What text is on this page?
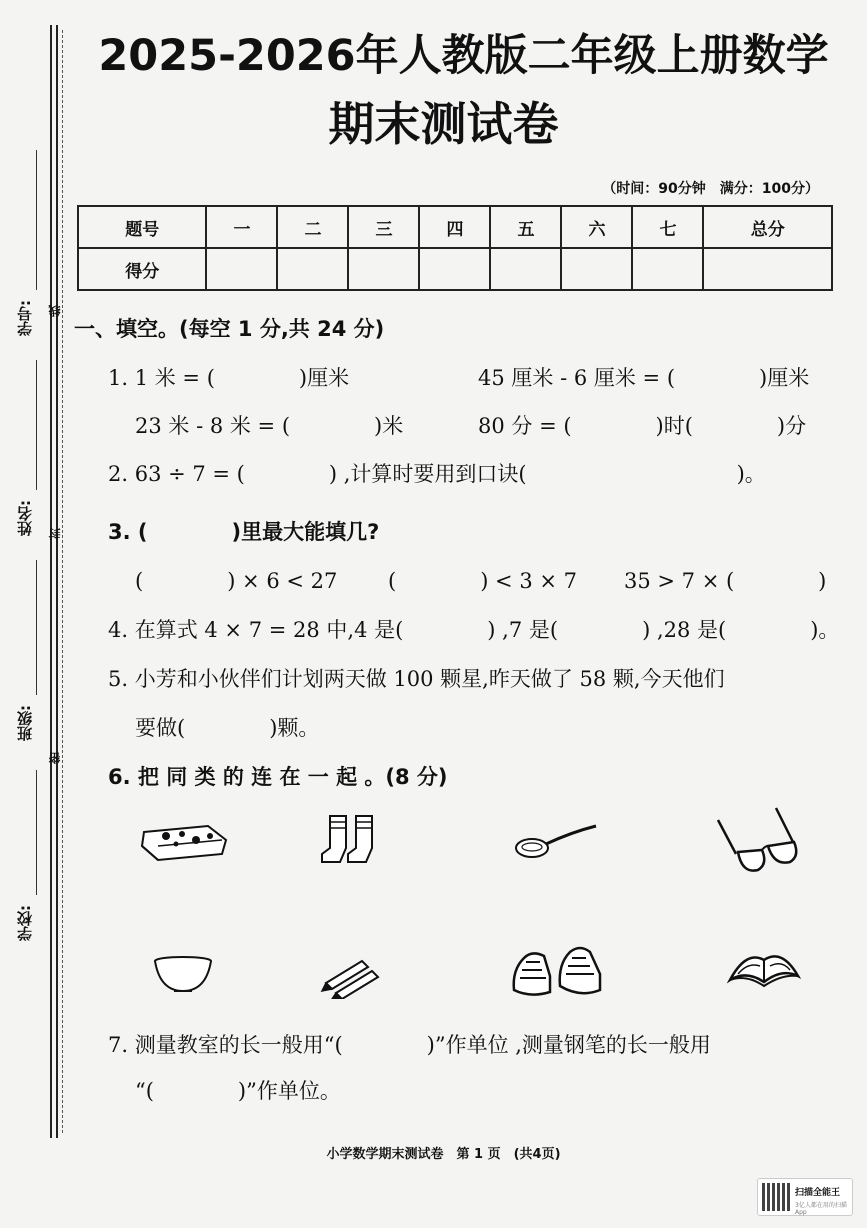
学号:
姓名:
班级:
学校:
线
封
密
2025-2026年人教版二年级上册数学
期末测试卷
（时间：90分钟　满分：100分）
题号	一	二	三	四	五	六	七	总分
得分								
一、填空。(每空 1 分,共 24 分)
1. 1 米 = (　　　　)厘米	45 厘米 - 6 厘米 = (　　　　)厘米
23 米 - 8 米 = (　　　　)米	80 分 = (　　　　)时(　　　　)分
2. 63 ÷ 7 = (　　　　) ,计算时要用到口诀(　　　　　　　　　　)。
3. (　　　　)里最大能填几?
(　　　　) × 6 < 27 (　　　　) < 3 × 7 35 > 7 × (　　　　)
4. 在算式 4 × 7 = 28 中,4 是(　　　　) ,7 是(　　　　) ,28 是(　　　　)。
5. 小芳和小伙伴们计划两天做 100 颗星,昨天做了 58 颗,今天他们
要做(　　　　)颗。
6. 把 同 类 的 连 在 一 起 。(8 分)
7. 测量教室的长一般用“(　　　　)”作单位 ,测量钢笔的长一般用
“(　　　　)”作单位。
小学数学期末测试卷　第 1 页　(共4页)
扫描全能王
3亿人都在用的扫描App
